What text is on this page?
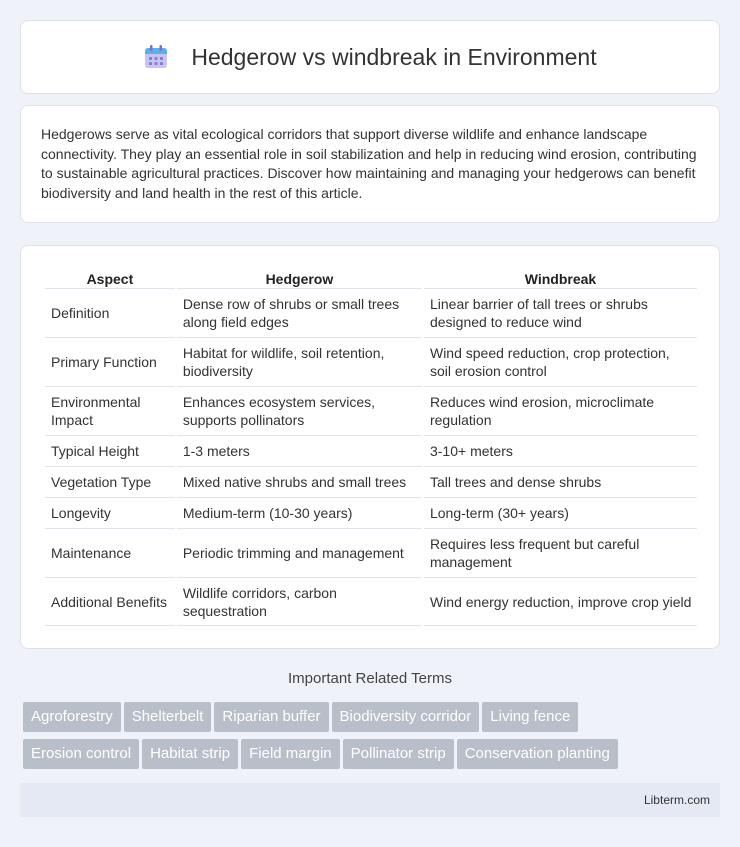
Hedgerow vs windbreak in Environment

Hedgerows serve as vital ecological corridors that support diverse wildlife and enhance landscape connectivity. They play an essential role in soil stabilization and help in reducing wind erosion, contributing to sustainable agricultural practices. Discover how maintaining and managing your hedgerows can benefit biodiversity and land health in the rest of this article.

Aspect	Hedgerow	Windbreak
Definition	Dense row of shrubs or small trees along field edges	Linear barrier of tall trees or shrubs designed to reduce wind
Primary Function	Habitat for wildlife, soil retention, biodiversity	Wind speed reduction, crop protection, soil erosion control
Environmental Impact	Enhances ecosystem services, supports pollinators	Reduces wind erosion, microclimate regulation
Typical Height	1-3 meters	3-10+ meters
Vegetation Type	Mixed native shrubs and small trees	Tall trees and dense shrubs
Longevity	Medium-term (10-30 years)	Long-term (30+ years)
Maintenance	Periodic trimming and management	Requires less frequent but careful management
Additional Benefits	Wildlife corridors, carbon sequestration	Wind energy reduction, improve crop yield
Important Related Terms
Agroforestry Shelterbelt Riparian buffer Biodiversity corridor Living fence
Erosion control Habitat strip Field margin Pollinator strip Conservation planting
Libterm.com
